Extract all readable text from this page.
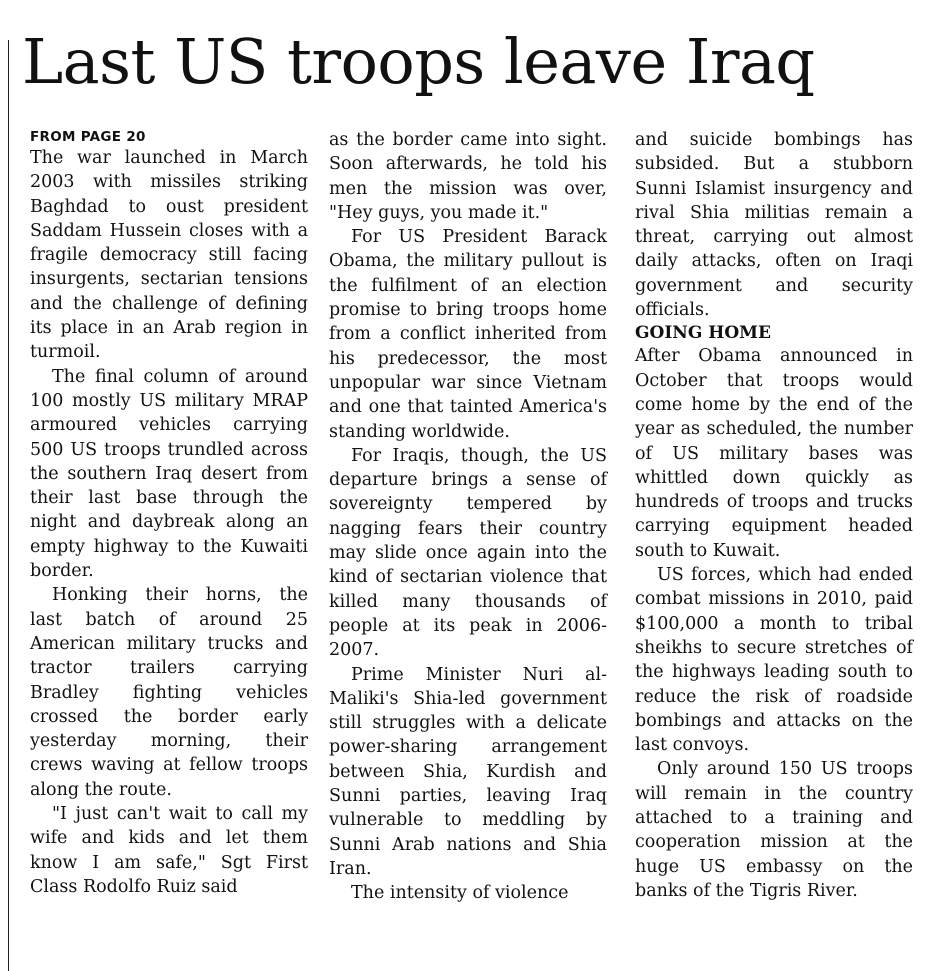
Last US troops leave Iraq
FROM PAGE 20

The war launched in March 2003 with missiles striking Baghdad to oust president Saddam Hussein closes with a fragile democracy still facing insurgents, sectarian tensions and the challenge of defining its place in an Arab region in turmoil.

The final column of around 100 mostly US military MRAP armoured vehicles carrying 500 US troops trundled across the southern Iraq desert from their last base through the night and daybreak along an empty highway to the Kuwaiti border.

Honking their horns, the last batch of around 25 American military trucks and tractor trailers carrying Bradley fighting vehicles crossed the border early yesterday morning, their crews waving at fellow troops along the route.

"I just can't wait to call my wife and kids and let them know I am safe," Sgt First Class Rodolfo Ruiz said

as the border came into sight. Soon afterwards, he told his men the mission was over, "Hey guys, you made it."

For US President Barack Obama, the military pullout is the fulfilment of an election promise to bring troops home from a conflict inherited from his predecessor, the most unpopular war since Vietnam and one that tainted America's standing worldwide.

For Iraqis, though, the US departure brings a sense of sovereignty tempered by nagging fears their country may slide once again into the kind of sectarian violence that killed many thousands of people at its peak in 2006-2007.

Prime Minister Nuri al-Maliki's Shia-led government still struggles with a delicate power-sharing arrangement between Shia, Kurdish and Sunni parties, leaving Iraq vulnerable to meddling by Sunni Arab nations and Shia Iran.

The intensity of violence

and suicide bombings has subsided. But a stubborn Sunni Islamist insurgency and rival Shia militias remain a threat, carrying out almost daily attacks, often on Iraqi government and security officials.

GOING HOME

After Obama announced in October that troops would come home by the end of the year as scheduled, the number of US military bases was whittled down quickly as hundreds of troops and trucks carrying equipment headed south to Kuwait.

US forces, which had ended combat missions in 2010, paid $100,000 a month to tribal sheikhs to secure stretches of the highways leading south to reduce the risk of roadside bombings and attacks on the last convoys.

Only around 150 US troops will remain in the country attached to a training and cooperation mission at the huge US embassy on the banks of the Tigris River.
